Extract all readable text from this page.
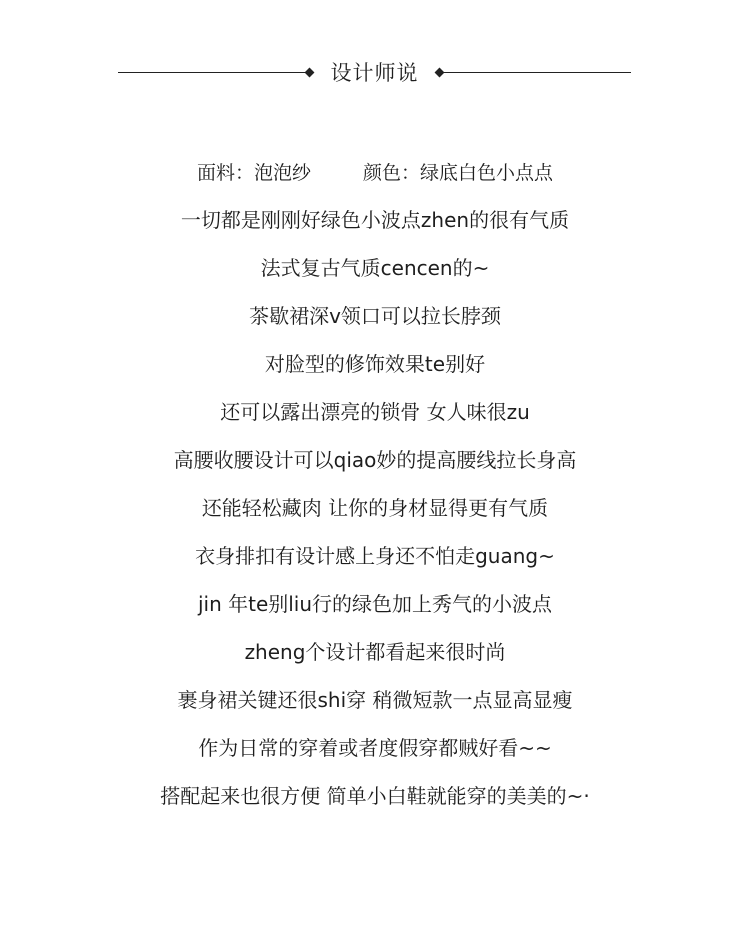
设计师说
面料：泡泡纱	颜色：绿底白色小点点
一切都是刚刚好绿色小波点zhen的很有气质
法式复古气质cencen的~
茶歇裙深v领口可以拉长脖颈
对脸型的修饰效果te别好
还可以露出漂亮的锁骨 女人味很zu
高腰收腰设计可以qiao妙的提高腰线拉长身高
还能轻松藏肉 让你的身材显得更有气质
衣身排扣有设计感上身还不怕走guang~
jin 年te别liu行的绿色加上秀气的小波点
zheng个设计都看起来很时尚
裹身裙关键还很shi穿 稍微短款一点显高显瘦
作为日常的穿着或者度假穿都贼好看~~
搭配起来也很方便 简单小白鞋就能穿的美美的~·
